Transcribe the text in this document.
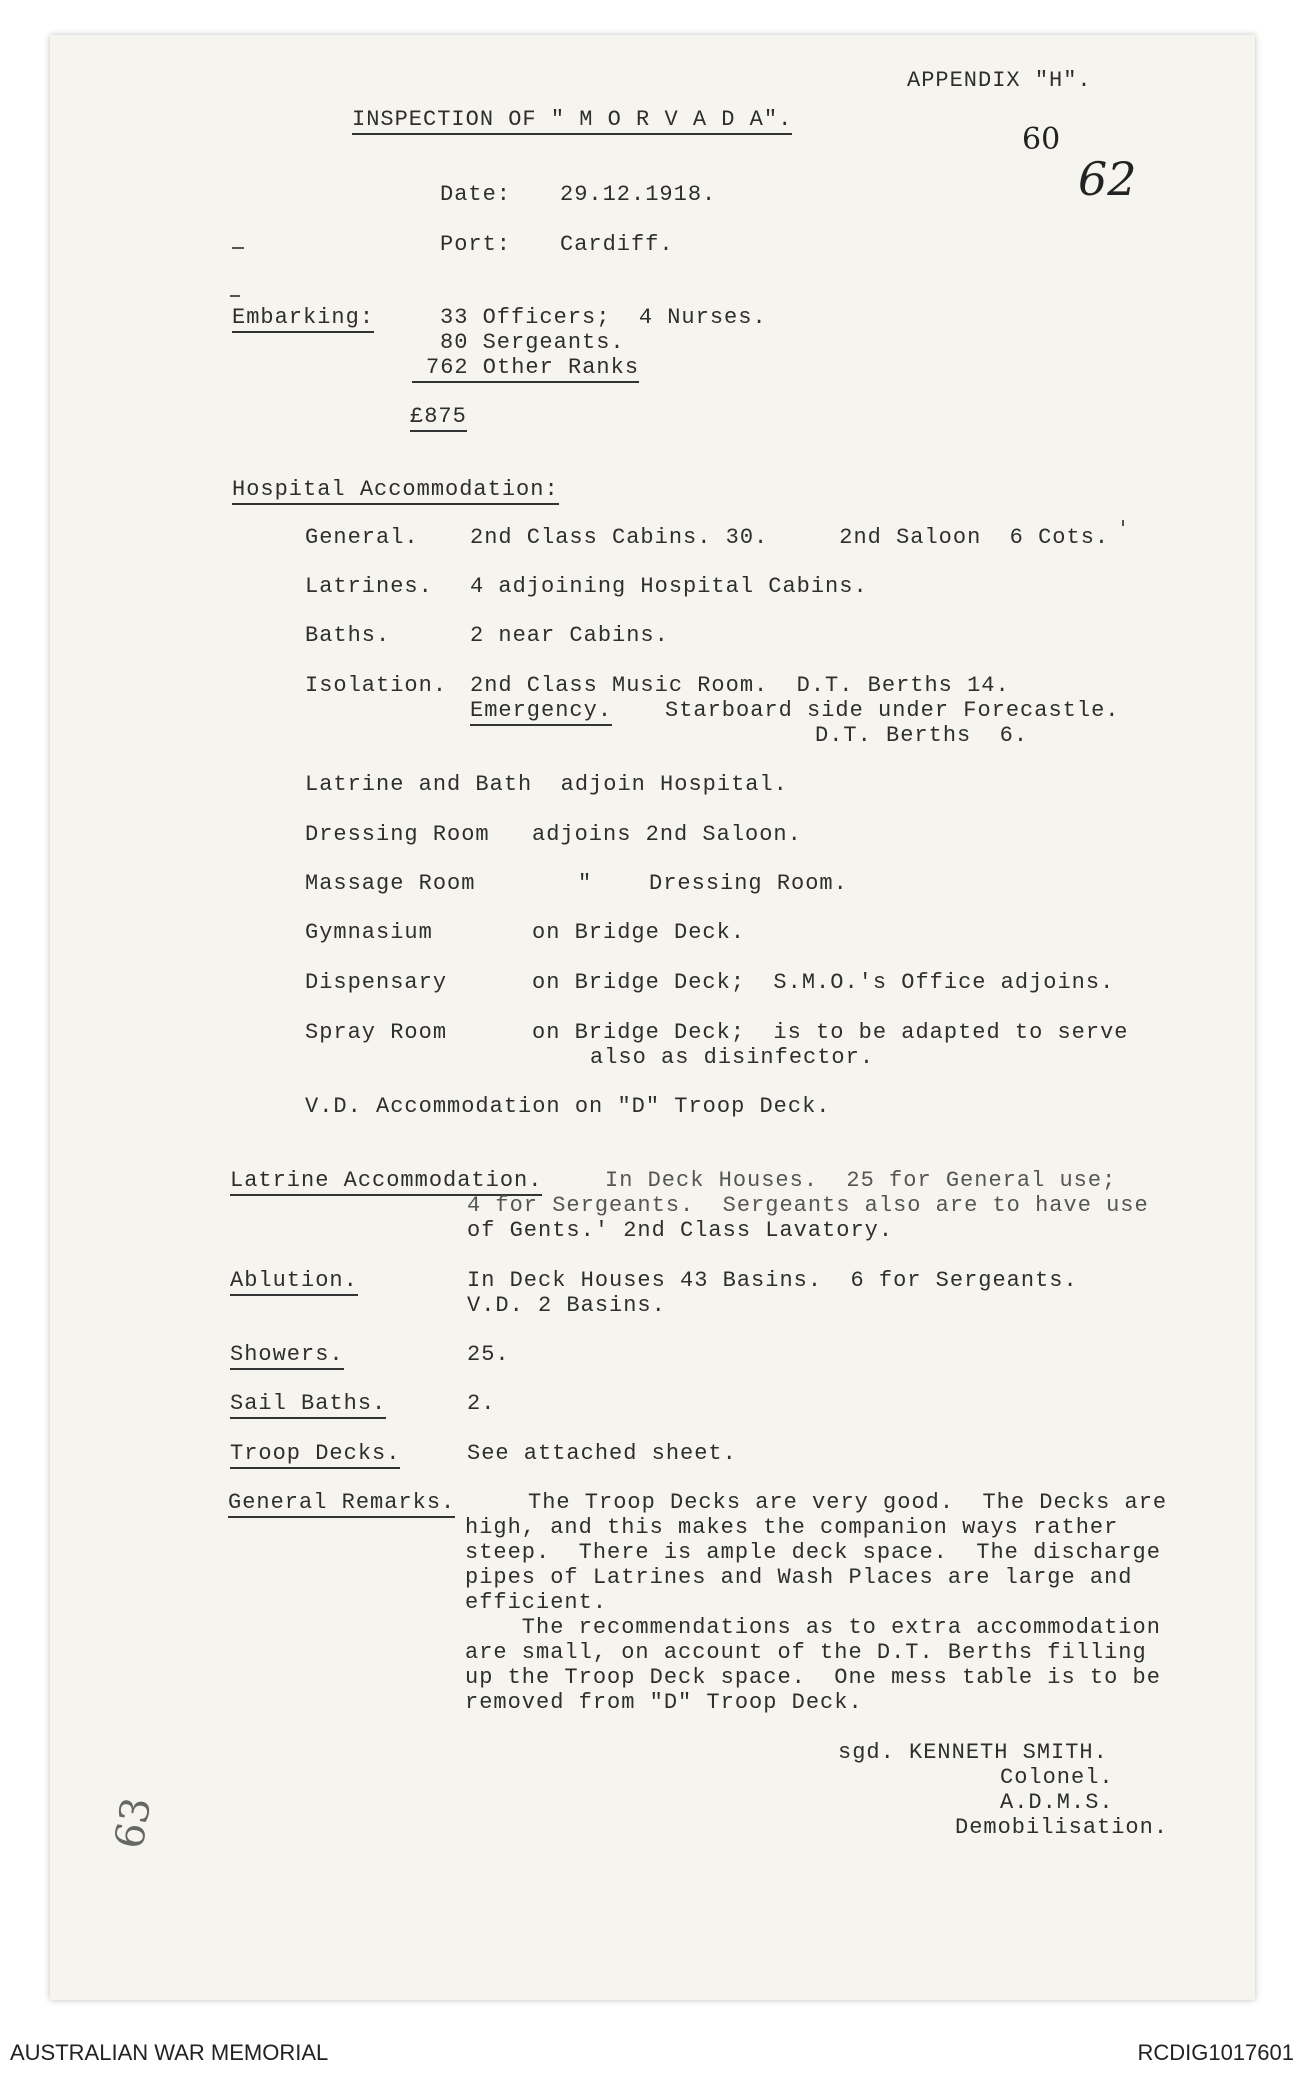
APPENDIX "H".
INSPECTION OF " M O R V A D A".
60
62
Date: 29.12.1918.
Port: Cardiff.
Embarking:	33 Officers;  4 Nurses.
80 Sergeants.
762 Other Ranks
£875
Hospital Accommodation:
General. 2nd Class Cabins. 30.     2nd Saloon  6 Cots.
Latrines. 4 adjoining Hospital Cabins.
Baths.	2 near Cabins.
Isolation. 2nd Class Music Room.  D.T. Berths 14.
Emergency. Starboard side under Forecastle.
D.T. Berths  6.
Latrine and Bath  adjoin Hospital.
Dressing Room adjoins 2nd Saloon.
Massage Room	"    Dressing Room.
Gymnasium	on Bridge Deck.
Dispensary	on Bridge Deck;  S.M.O.'s Office adjoins.
Spray Room	on Bridge Deck;  is to be adapted to serve
also as disinfector.
V.D. Accommodation on "D" Troop Deck.
Latrine Accommodation.	In Deck Houses.  25 for General use;
4 for Sergeants.  Sergeants also are to have use
of Gents.' 2nd Class Lavatory.
Ablution.	In Deck Houses 43 Basins.  6 for Sergeants.
V.D. 2 Basins.
Showers.	25.
Sail Baths.	2.
Troop Decks.	See attached sheet.
General Remarks.	The Troop Decks are very good.  The Decks are
high, and this makes the companion ways rather
steep.  There is ample deck space.  The discharge
pipes of Latrines and Wash Places are large and
efficient.
The recommendations as to extra accommodation
are small, on account of the D.T. Berths filling
up the Troop Deck space.  One mess table is to be
removed from "D" Troop Deck.
sgd. KENNETH SMITH.
Colonel.
A.D.M.S.
Demobilisation.
63
AUSTRALIAN WAR MEMORIAL	RCDIG1017601
